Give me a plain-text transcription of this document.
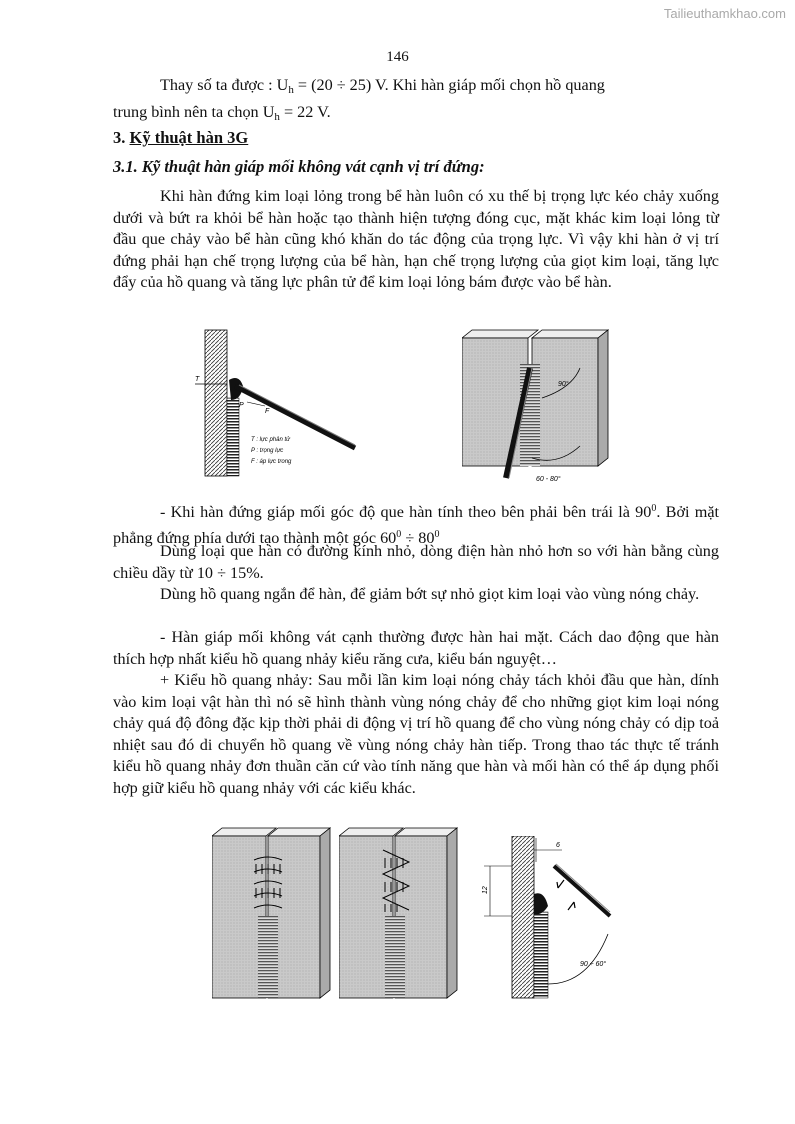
Tailieuthamkhao.com
146

Thay số ta được : $U_h = (20 \div 25)$ V. Khi hàn giáp mối chọn hồ quang
trung bình nên ta chọn $U_h = 22$ V.

3. Kỹ thuật hàn 3G
3.1. Kỹ thuật hàn giáp mối không vát cạnh vị trí đứng:

Khi hàn đứng kim loại lỏng trong bể hàn luôn có xu thế bị trọng lực kéo chảy xuống dưới và bứt ra khỏi bể hàn hoặc tạo thành hiện tượng đóng cục, mặt khác kim loại lỏng từ đầu que chảy vào bể hàn cũng khó khăn do tác động của trọng lực. Vì vậy khi hàn ở vị trí đứng phải hạn chế trọng lượng của bể hàn, hạn chế trọng lượng của giọt kim loại, tăng lực đẩy của hồ quang và tăng lực phân tử để kim loại lỏng bám được vào bể hàn.

T
P
F
T : lực phân tử
P : trọng lực
F : áp lực trong
90°
60 - 80°

- Khi hàn đứng giáp mối góc độ que hàn tính theo bên phải bên trái là $90^0$. Bởi mặt phẳng đứng phía dưới tạo thành một góc $60^0 \div 80^0$

Dùng loại que hàn có đường kính nhỏ, dòng điện hàn nhỏ hơn so với hàn bằng cùng chiều dầy từ 10 ÷ 15%.

Dùng hồ quang ngắn để hàn, để giảm bớt sự nhỏ giọt kim loại vào vùng nóng chảy.

- Hàn giáp mối không vát cạnh thường được hàn hai mặt. Cách dao động que hàn thích hợp nhất kiểu hồ quang nhảy kiểu răng cưa, kiểu bán nguyệt…

+ Kiểu hồ quang nhảy: Sau mỗi lần kim loại nóng chảy tách khỏi đầu que hàn, dính vào kim loại vật hàn thì nó sẽ hình thành vùng nóng chảy để cho những giọt kim loại nóng chảy quá độ đông đặc kịp thời phải di động vị trí hồ quang để cho vùng nóng chảy có dịp toả nhiệt sau đó di chuyển hồ quang về vùng nóng chảy hàn tiếp. Trong thao tác thực tế tránh kiểu hồ quang nhảy đơn thuần căn cứ vào tính năng que hàn và mối hàn có thể áp dụng phối hợp giữ kiểu hồ quang nhảy với các kiểu khác.

6
12
90 ÷ 60°
